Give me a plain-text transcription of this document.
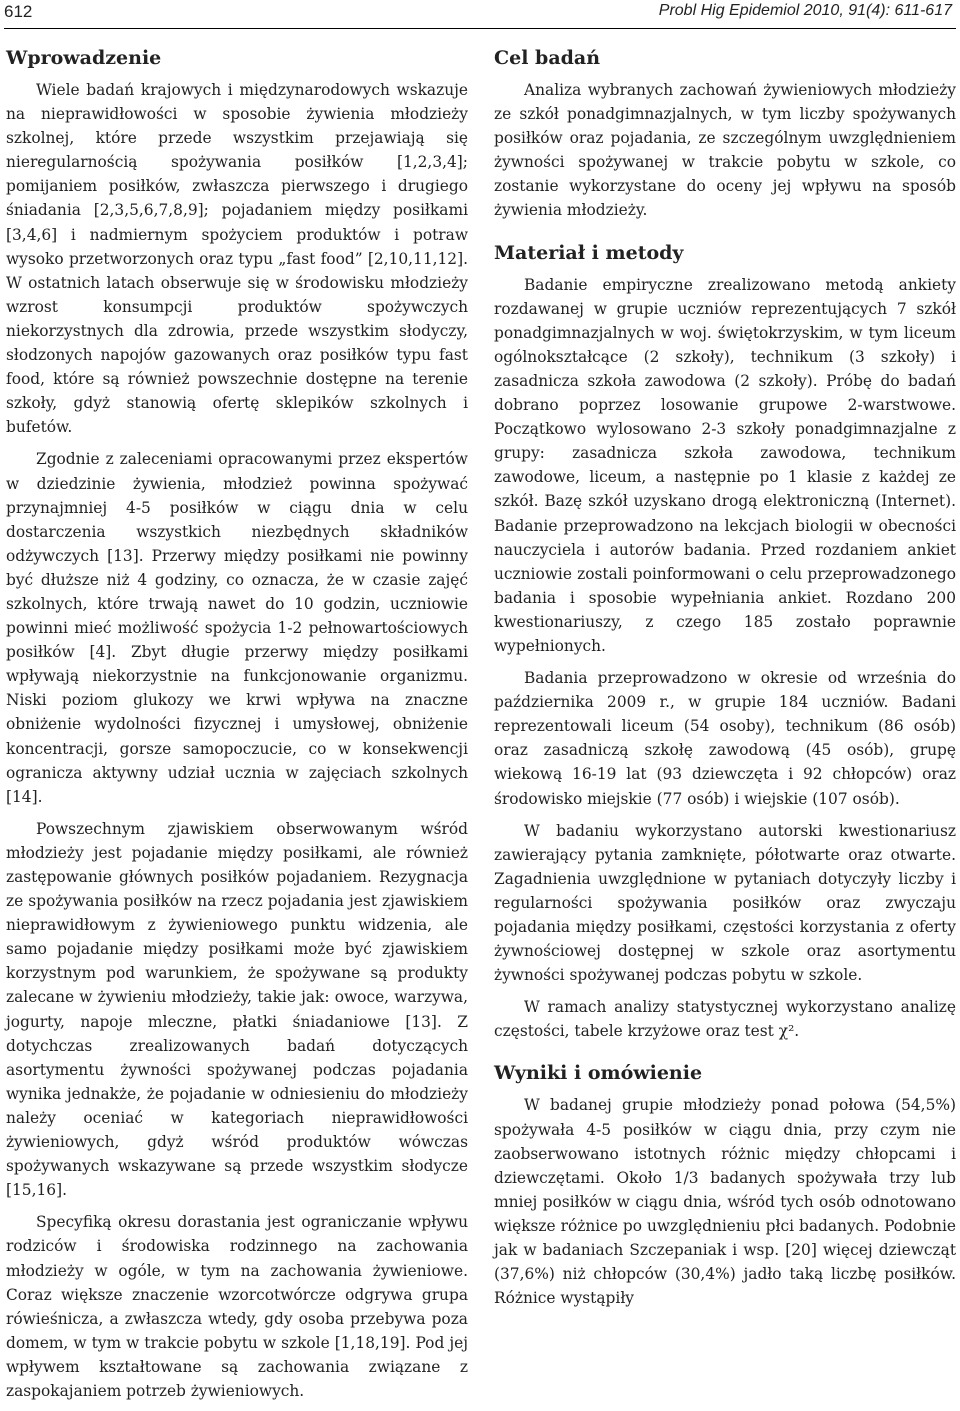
612	Probl Hig Epidemiol 2010, 91(4): 611-617
Wprowadzenie

Wiele badań krajowych i międzynarodowych wskazuje na nieprawidłowości w sposobie żywienia młodzieży szkolnej, które przede wszystkim przejawiają się nieregularnością spożywania posiłków [1,2,3,4]; pomijaniem posiłków, zwłaszcza pierwszego i drugiego śniadania [2,3,5,6,7,8,9]; pojadaniem między posiłkami [3,4,6] i nadmiernym spożyciem produktów i potraw wysoko przetworzonych oraz typu „fast food” [2,10,11,12]. W ostatnich latach obserwuje się w środowisku młodzieży wzrost konsumpcji produktów spożywczych niekorzystnych dla zdrowia, przede wszystkim słodyczy, słodzonych napojów gazowanych oraz posiłków typu fast food, które są również powszechnie dostępne na terenie szkoły, gdyż stanowią ofertę sklepików szkolnych i bufetów.

Zgodnie z zaleceniami opracowanymi przez ekspertów w dziedzinie żywienia, młodzież powinna spożywać przynajmniej 4-5 posiłków w ciągu dnia w celu dostarczenia wszystkich niezbędnych składników odżywczych [13]. Przerwy między posiłkami nie powinny być dłuższe niż 4 godziny, co oznacza, że w czasie zajęć szkolnych, które trwają nawet do 10 godzin, uczniowie powinni mieć możliwość spożycia 1-2 pełnowartościowych posiłków [4]. Zbyt długie przerwy między posiłkami wpływają niekorzystnie na funkcjonowanie organizmu. Niski poziom glukozy we krwi wpływa na znaczne obniżenie wydolności fizycznej i umysłowej, obniżenie koncentracji, gorsze samopoczucie, co w konsekwencji ogranicza aktywny udział ucznia w zajęciach szkolnych [14].

Powszechnym zjawiskiem obserwowanym wśród młodzieży jest pojadanie między posiłkami, ale również zastępowanie głównych posiłków pojadaniem. Rezygnacja ze spożywania posiłków na rzecz pojadania jest zjawiskiem nieprawidłowym z żywieniowego punktu widzenia, ale samo pojadanie między posiłkami może być zjawiskiem korzystnym pod warunkiem, że spożywane są produkty zalecane w żywieniu młodzieży, takie jak: owoce, warzywa, jogurty, napoje mleczne, płatki śniadaniowe [13]. Z dotychczas zrealizowanych badań dotyczących asortymentu żywności spożywanej podczas pojadania wynika jednakże, że pojadanie w odniesieniu do młodzieży należy oceniać w kategoriach nieprawidłowości żywieniowych, gdyż wśród produktów wówczas spożywanych wskazywane są przede wszystkim słodycze [15,16].

Specyfiką okresu dorastania jest ograniczanie wpływu rodziców i środowiska rodzinnego na zachowania młodzieży w ogóle, w tym na zachowania żywieniowe. Coraz większe znaczenie wzorcotwórcze odgrywa grupa rówieśnicza, a zwłaszcza wtedy, gdy osoba przebywa poza domem, w tym w trakcie pobytu w szkole [1,18,19]. Pod jej wpływem kształtowane są zachowania związane z zaspokajaniem potrzeb żywieniowych.

Cel badań

Analiza wybranych zachowań żywieniowych młodzieży ze szkół ponadgimnazjalnych, w tym liczby spożywanych posiłków oraz pojadania, ze szczególnym uwzględnieniem żywności spożywanej w trakcie pobytu w szkole, co zostanie wykorzystane do oceny jej wpływu na sposób żywienia młodzieży.

Materiał i metody

Badanie empiryczne zrealizowano metodą ankiety rozdawanej w grupie uczniów reprezentujących 7 szkół ponadgimnazjalnych w woj. świętokrzyskim, w tym liceum ogólnokształcące (2 szkoły), technikum (3 szkoły) i zasadnicza szkoła zawodowa (2 szkoły). Próbę do badań dobrano poprzez losowanie grupowe 2-warstwowe. Początkowo wylosowano 2-3 szkoły ponadgimnazjalne z grupy: zasadnicza szkoła zawodowa, technikum zawodowe, liceum, a następnie po 1 klasie z każdej ze szkół. Bazę szkół uzyskano drogą elektroniczną (Internet). Badanie przeprowadzono na lekcjach biologii w obecności nauczyciela i autorów badania. Przed rozdaniem ankiet uczniowie zostali poinformowani o celu przeprowadzonego badania i sposobie wypełniania ankiet. Rozdano 200 kwestionariuszy, z czego 185 zostało poprawnie wypełnionych.

Badania przeprowadzono w okresie od września do października 2009 r., w grupie 184 uczniów. Badani reprezentowali liceum (54 osoby), technikum (86 osób) oraz zasadniczą szkołę zawodową (45 osób), grupę wiekową 16-19 lat (93 dziewczęta i 92 chłopców) oraz środowisko miejskie (77 osób) i wiejskie (107 osób).

W badaniu wykorzystano autorski kwestionariusz zawierający pytania zamknięte, półotwarte oraz otwarte. Zagadnienia uwzględnione w pytaniach dotyczyły liczby i regularności spożywania posiłków oraz zwyczaju pojadania między posiłkami, częstości korzystania z oferty żywnościowej dostępnej w szkole oraz asortymentu żywności spożywanej podczas pobytu w szkole.

W ramach analizy statystycznej wykorzystano analizę częstości, tabele krzyżowe oraz test χ².

Wyniki i omówienie

W badanej grupie młodzieży ponad połowa (54,5%) spożywała 4-5 posiłków w ciągu dnia, przy czym nie zaobserwowano istotnych różnic między chłopcami i dziewczętami. Około 1/3 badanych spożywała trzy lub mniej posiłków w ciągu dnia, wśród tych osób odnotowano większe różnice po uwzględnieniu płci badanych. Podobnie jak w badaniach Szczepaniak i wsp. [20] więcej dziewcząt (37,6%) niż chłopców (30,4%) jadło taką liczbę posiłków. Różnice wystąpiły
